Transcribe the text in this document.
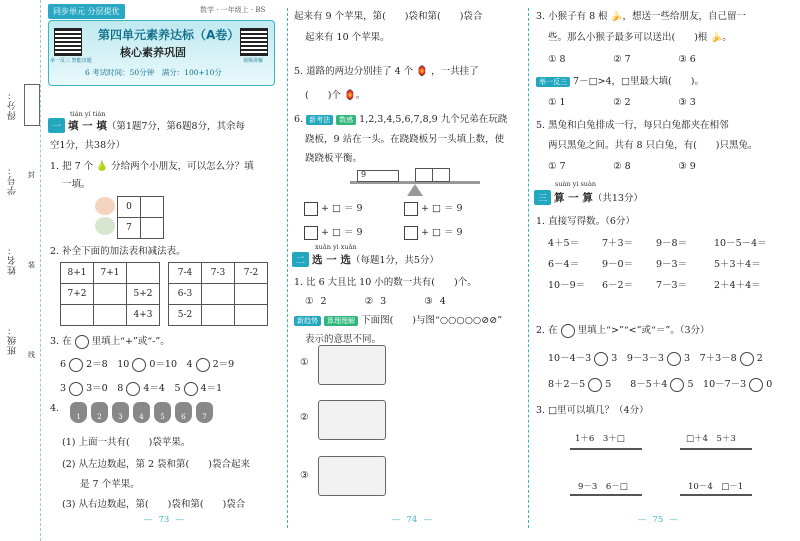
得分：
学号：
姓名：
班级：
封
装
线
同步单元 分层提优	数学 · 一年级上 · BS
举一反三 智能出题	视频讲解
第四单元素养达标（A卷）
核心素养巩固
6 考试时间：50分钟　 满分：100+10分
tián yi tián
一 填 一 填（第1题7分，第6题8分，其余每
空1分，共38分）
1. 把 7 个 🍐 分给两个小朋友，可以怎么分？填
一填。
0	
7	
2. 补全下面的加法表和减法表。
8+1	7+1	
7+2		5+2
		4+3
7-4	7-3	7-2
6-3		
5-2		
3. 在 里填上“+”或“-”。
6 2＝8　 10 0＝10　 4 2＝9
3 3＝0　 8 4＝4　 5 4＝1
4.
1	2	3	4	5	6	7
(1) 上面一共有(　　)袋苹果。
(2) 从左边数起，第 2 袋和第(　　)袋合起来
是 7 个苹果。
(3) 从右边数起，第(　　)袋和第(　　)袋合
— 73 —
起来有 9 个苹果，第(　　)袋和第(　　)袋合
起来有 10 个苹果。
5. 道路的两边分别挂了 4 个 🏮 ，一共挂了
(　　)个 🏮。
6. 新考法 数感 1,2,3,4,5,6,7,8,9 九个兄弟在玩跷
跷板，9 站在一头。在跷跷板另一头填上数，使
跷跷板平衡。
9
+ □ ＝ 9	+ □ ＝ 9
+ □ ＝ 9	+ □ ＝ 9
xuǎn yi xuǎn
二 选 一 选（每题1分，共5分）
1. 比 6 大且比 10 小的数一共有(　　)个。
① 2　　　　	② 3　　　　	③ 4
新趋势 算理理解 下面图(　　)与图“○○○○○⊘⊘”
表示的意思不同。
①
②
③
— 74 —
3. 小猴子有 8 根 🍌，想送一些给朋友，自己留一
些。那么小猴子最多可以送出(　　)根 🍌。
① 8　　　　　	② 7　　　　　	③ 6
举一反三 7－□>4，□里最大填(　　)。
① 1　　　　　	② 2　　　　　	③ 3
5. 黑兔和白兔排成一行，每只白兔都夹在相邻
两只黑兔之间。共有 8 只白兔，有(　　)只黑兔。
① 7　　　　　	② 8　　　　　	③ 9
suàn yi suàn
三 算 一 算（共13分）
1. 直接写得数。（6分）
4＋5＝ 7＋3＝ 9－8＝	10－5－4＝
6－4＝ 9－0＝ 9－3＝	5＋3＋4＝
10－9＝ 6－2＝ 7－3＝	2＋4＋4＝
2. 在 里填上“>”“<”或“＝”。（3分）
10－4－3 3　 9－3－3 3　 7＋3－8 2
8＋2－5 5　　 8－5＋4 5　 10－7－3 0
3. □里可以填几？（4分）
1＋6　 3＋□	□＋4　 5＋3
9－3　 6－□	10－4　 □－1
— 75 —
